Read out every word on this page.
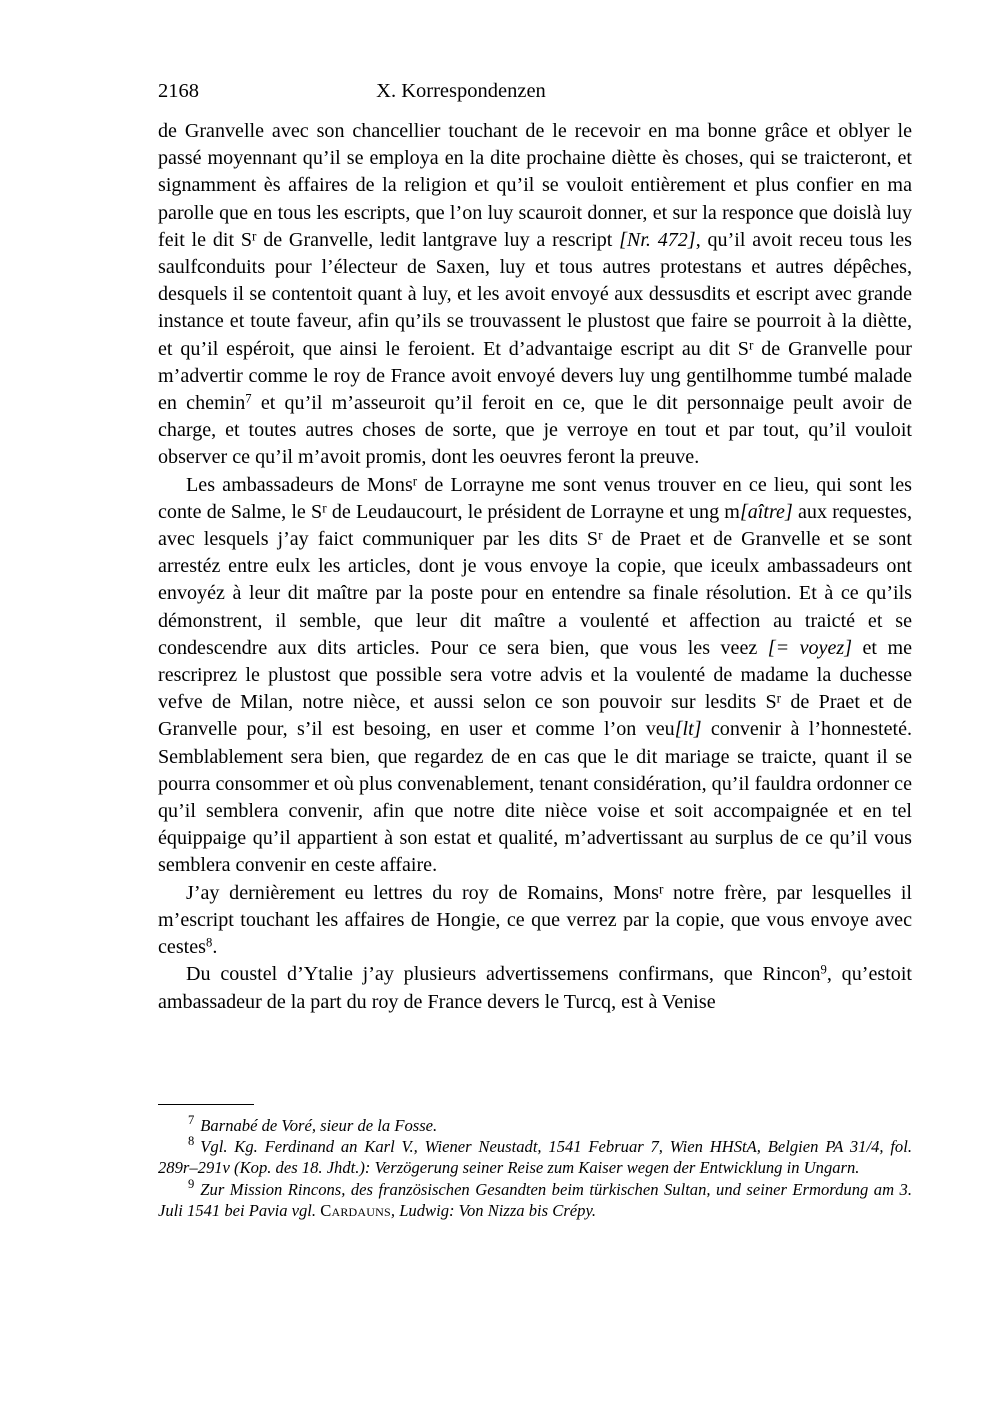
2168	X. Korrespondenzen

de Granvelle avec son chancellier touchant de le recevoir en ma bonne grâce et oblyer le passé moyennant qu’il se employa en la dite prochaine diètte ès choses, qui se traicteront, et signamment ès affaires de la religion et qu’il se vouloit entièrement et plus confier en ma parolle que en tous les escripts, que l’on luy scauroit donner, et sur la responce que doislà luy feit le dit $S^r$ de Granvelle, ledit lantgrave luy a rescript [Nr. 472], qu’il avoit receu tous les saulfconduits pour l’électeur de Saxen, luy et tous autres protestans et autres dépêches, desquels il se contentoit quant à luy, et les avoit envoyé aux dessusdits et escript avec grande instance et toute faveur, afin qu’ils se trouvassent le plustost que faire se pourroit à la diètte, et qu’il espéroit, que ainsi le feroient. Et d’advantaige escript au dit $S^r$ de Granvelle pour m’advertir comme le roy de France avoit envoyé devers luy ung gentilhomme tumbé malade en chemin$^7$ et qu’il m’asseuroit qu’il feroit en ce, que le dit personnaige peult avoir de charge, et toutes autres choses de sorte, que je verroye en tout et par tout, qu’il vouloit observer ce qu’il m’avoit promis, dont les oeuvres feront la preuve.

Les ambassadeurs de Mons$^r$ de Lorrayne me sont venus trouver en ce lieu, qui sont les conte de Salme, le $S^r$ de Leudaucourt, le président de Lorrayne et ung m[aître] aux requestes, avec lesquels j’ay faict communiquer par les dits $S^r$ de Praet et de Granvelle et se sont arrestéz entre eulx les articles, dont je vous envoye la copie, que iceulx ambassadeurs ont envoyéz à leur dit maître par la poste pour en entendre sa finale résolution. Et à ce qu’ils démonstrent, il semble, que leur dit maître a voulenté et affection au traicté et se condescendre aux dits articles. Pour ce sera bien, que vous les veez [= voyez] et me rescriprez le plustost que possible sera votre advis et la voulenté de madame la duchesse vefve de Milan, notre nièce, et aussi selon ce son pouvoir sur lesdits $S^r$ de Praet et de Granvelle pour, s’il est besoing, en user et comme l’on veu[lt] convenir à l’honnesteté. Semblablement sera bien, que regardez de en cas que le dit mariage se traicte, quant il se pourra consommer et où plus convenablement, tenant considération, qu’il fauldra ordonner ce qu’il semblera convenir, afin que notre dite nièce voise et soit accompaignée et en tel équippaige qu’il appartient à son estat et qualité, m’advertissant au surplus de ce qu’il vous semblera convenir en ceste affaire.

J’ay dernièrement eu lettres du roy de Romains, Mons$^r$ notre frère, par lesquelles il m’escript touchant les affaires de Hongie, ce que verrez par la copie, que vous envoye avec cestes$^8$.

Du coustel d’Ytalie j’ay plusieurs advertissemens confirmans, que Rincon$^9$, qu’estoit ambassadeur de la part du roy de France devers le Turcq, est à Venise

$^7$ Barnabé de Voré, sieur de la Fosse.

$^8$ Vgl. Kg. Ferdinand an Karl V., Wiener Neustadt, 1541 Februar 7, Wien HHStA, Belgien PA 31/4, fol. 289r–291v (Kop. des 18. Jhdt.): Verzögerung seiner Reise zum Kaiser wegen der Entwicklung in Ungarn.

$^9$ Zur Mission Rincons, des französischen Gesandten beim türkischen Sultan, und seiner Ermordung am 3. Juli 1541 bei Pavia vgl. Cardauns, Ludwig: Von Nizza bis Crépy.
